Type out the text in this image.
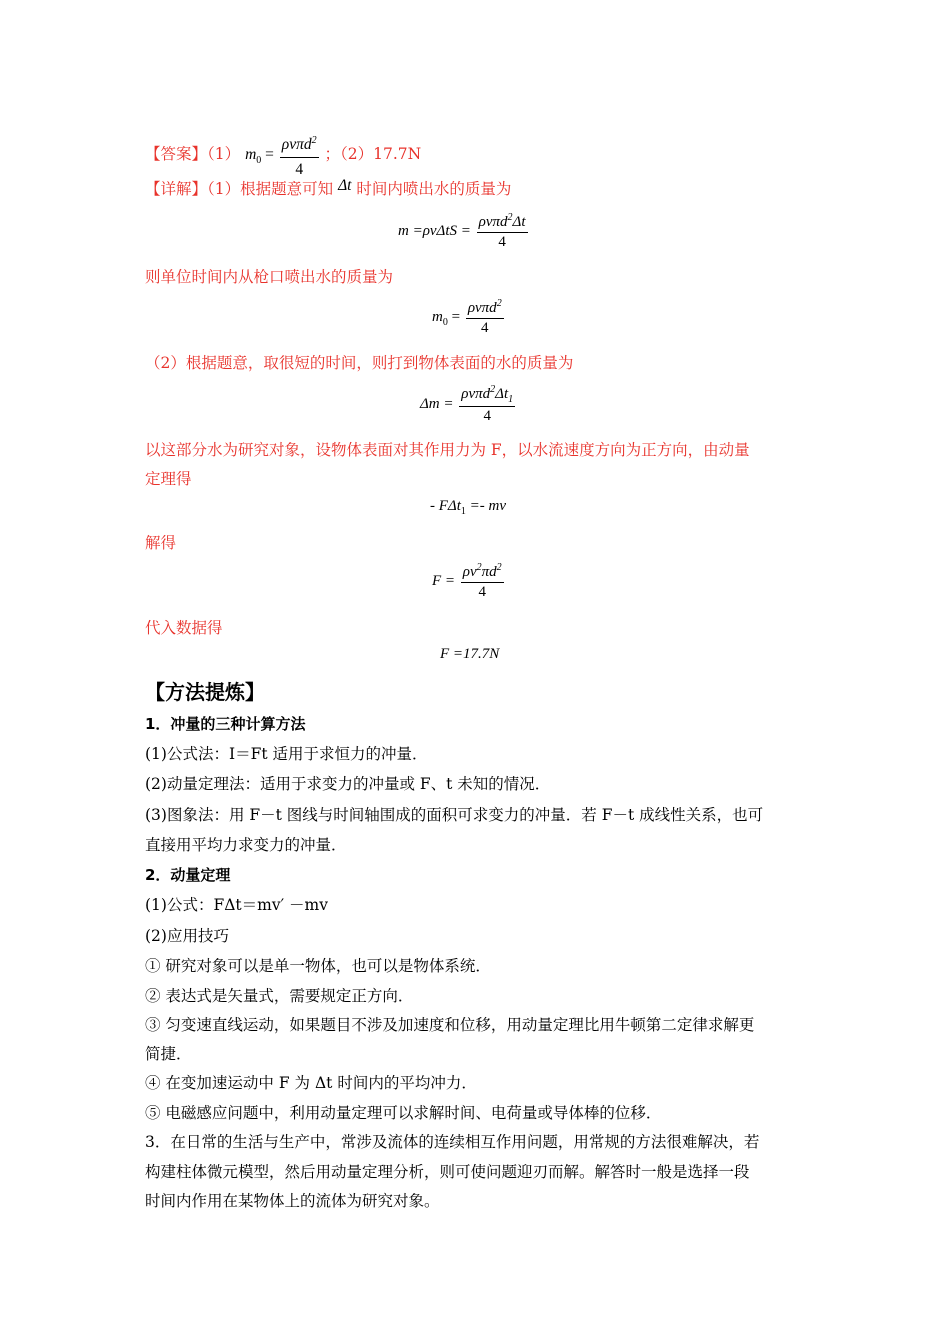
【答案】（1） $m_0 = \frac{\rho v\pi d^2}{4}$ ；（2）17.7N
【详解】（1）根据题意可知 Δt 时间内喷出水的质量为
$m =\rho v\Delta tS = \frac{\rho v\pi d^2\Delta t}{4}$
则单位时间内从枪口喷出水的质量为
$m_0 = \frac{\rho v\pi d^2}{4}$
（2）根据题意，取很短的时间，则打到物体表面的水的质量为
$\Delta m = \frac{\rho v\pi d^2\Delta t_1}{4}$
以这部分水为研究对象，设物体表面对其作用力为 F，以水流速度方向为正方向，由动量
定理得
- FΔt$_1$ =- mv
解得
$F = \frac{\rho v^2\pi d^2}{4}$
代入数据得
F =17.7N
【方法提炼】
1．冲量的三种计算方法
(1)公式法：I＝Ft 适用于求恒力的冲量．
(2)动量定理法：适用于求变力的冲量或 F、t 未知的情况．
(3)图象法：用 F－t 图线与时间轴围成的面积可求变力的冲量．若 F－t 成线性关系，也可
直接用平均力求变力的冲量．
2．动量定理
(1)公式：FΔt＝mv′ －mv
(2)应用技巧
① 研究对象可以是单一物体，也可以是物体系统．
② 表达式是矢量式，需要规定正方向．
③ 匀变速直线运动，如果题目不涉及加速度和位移，用动量定理比用牛顿第二定律求解更
简捷．
④ 在变加速运动中 F 为 Δt 时间内的平均冲力．
⑤ 电磁感应问题中，利用动量定理可以求解时间、电荷量或导体棒的位移．
3．在日常的生活与生产中，常涉及流体的连续相互作用问题，用常规的方法很难解决，若
构建柱体微元模型，然后用动量定理分析，则可使问题迎刃而解。解答时一般是选择一段
时间内作用在某物体上的流体为研究对象。
